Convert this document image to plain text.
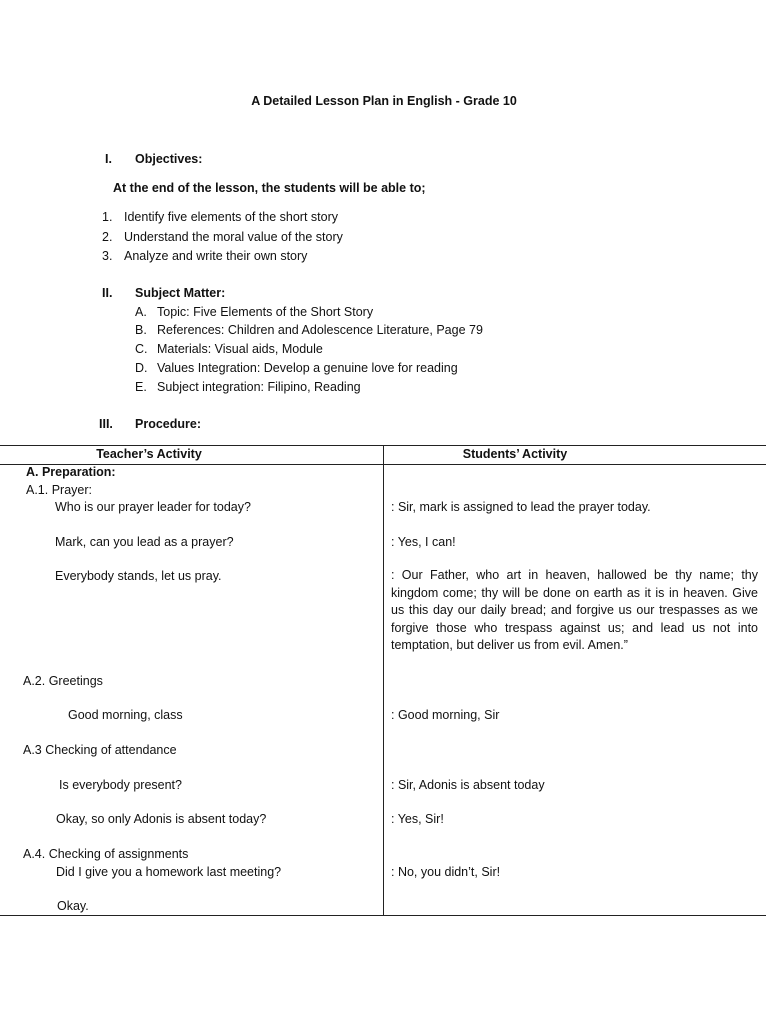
A Detailed Lesson Plan in English - Grade 10
I. Objectives:
At the end of the lesson, the students will be able to;
1. Identify five elements of the short story
2. Understand the moral value of the story
3. Analyze and write their own story
II. Subject Matter:
A. Topic: Five Elements of the Short Story
B. References: Children and Adolescence Literature, Page 79
C. Materials: Visual aids, Module
D. Values Integration: Develop a genuine love for reading
E. Subject integration: Filipino, Reading
III. Procedure:
Teacher’s Activity	Students’ Activity
A. Preparation:
A.1. Prayer:
Who is our prayer leader for today?
Mark, can you lead as a prayer?
Everybody stands, let us pray.
A.2. Greetings
Good morning, class
A.3 Checking of attendance
Is everybody present?
Okay, so only Adonis is absent today?
A.4. Checking of assignments
Did I give you a homework last meeting?
Okay.
: Sir, mark is assigned to lead the prayer today.
: Yes, I can!
: Our Father, who art in heaven, hallowed be thy name; thy kingdom come; thy will be done on earth as it is in heaven. Give us this day our daily bread; and forgive us our trespasses as we forgive those who trespass against us; and lead us not into temptation, but deliver us from evil. Amen.”
: Good morning, Sir
: Sir, Adonis is absent today
: Yes, Sir!
: No, you didn’t, Sir!
